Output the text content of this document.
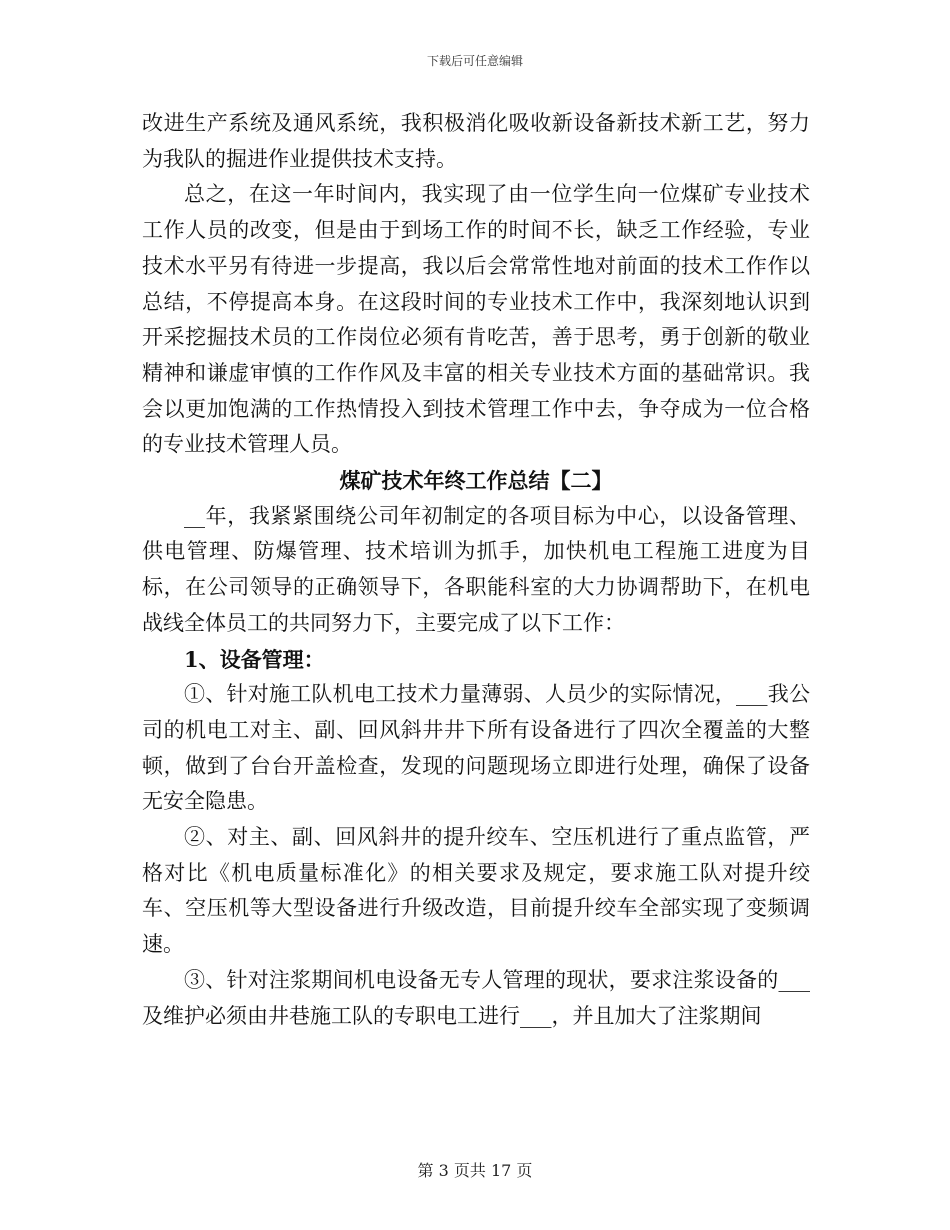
下载后可任意编辑

改进生产系统及通风系统，我积极消化吸收新设备新技术新工艺，努力为我队的掘进作业提供技术支持。

总之，在这一年时间内，我实现了由一位学生向一位煤矿专业技术工作人员的改变，但是由于到场工作的时间不长，缺乏工作经验，专业技术水平另有待进一步提高，我以后会常常性地对前面的技术工作作以总结，不停提高本身。在这段时间的专业技术工作中，我深刻地认识到开采挖掘技术员的工作岗位必须有肯吃苦，善于思考，勇于创新的敬业精神和谦虚审慎的工作作风及丰富的相关专业技术方面的基础常识。我会以更加饱满的工作热情投入到技术管理工作中去，争夺成为一位合格的专业技术管理人员。

煤矿技术年终工作总结【二】

__年，我紧紧围绕公司年初制定的各项目标为中心，以设备管理、供电管理、防爆管理、技术培训为抓手，加快机电工程施工进度为目标，在公司领导的正确领导下，各职能科室的大力协调帮助下，在机电战线全体员工的共同努力下，主要完成了以下工作：

1、设备管理：

①、针对施工队机电工技术力量薄弱、人员少的实际情况，___我公司的机电工对主、副、回风斜井井下所有设备进行了四次全覆盖的大整顿，做到了台台开盖检查，发现的问题现场立即进行处理，确保了设备无安全隐患。

②、对主、副、回风斜井的提升绞车、空压机进行了重点监管，严格对比《机电质量标准化》的相关要求及规定，要求施工队对提升绞车、空压机等大型设备进行升级改造，目前提升绞车全部实现了变频调速。

③、针对注浆期间机电设备无专人管理的现状，要求注浆设备的___及维护必须由井巷施工队的专职电工进行___，并且加大了注浆期间

第 3 页共 17 页
